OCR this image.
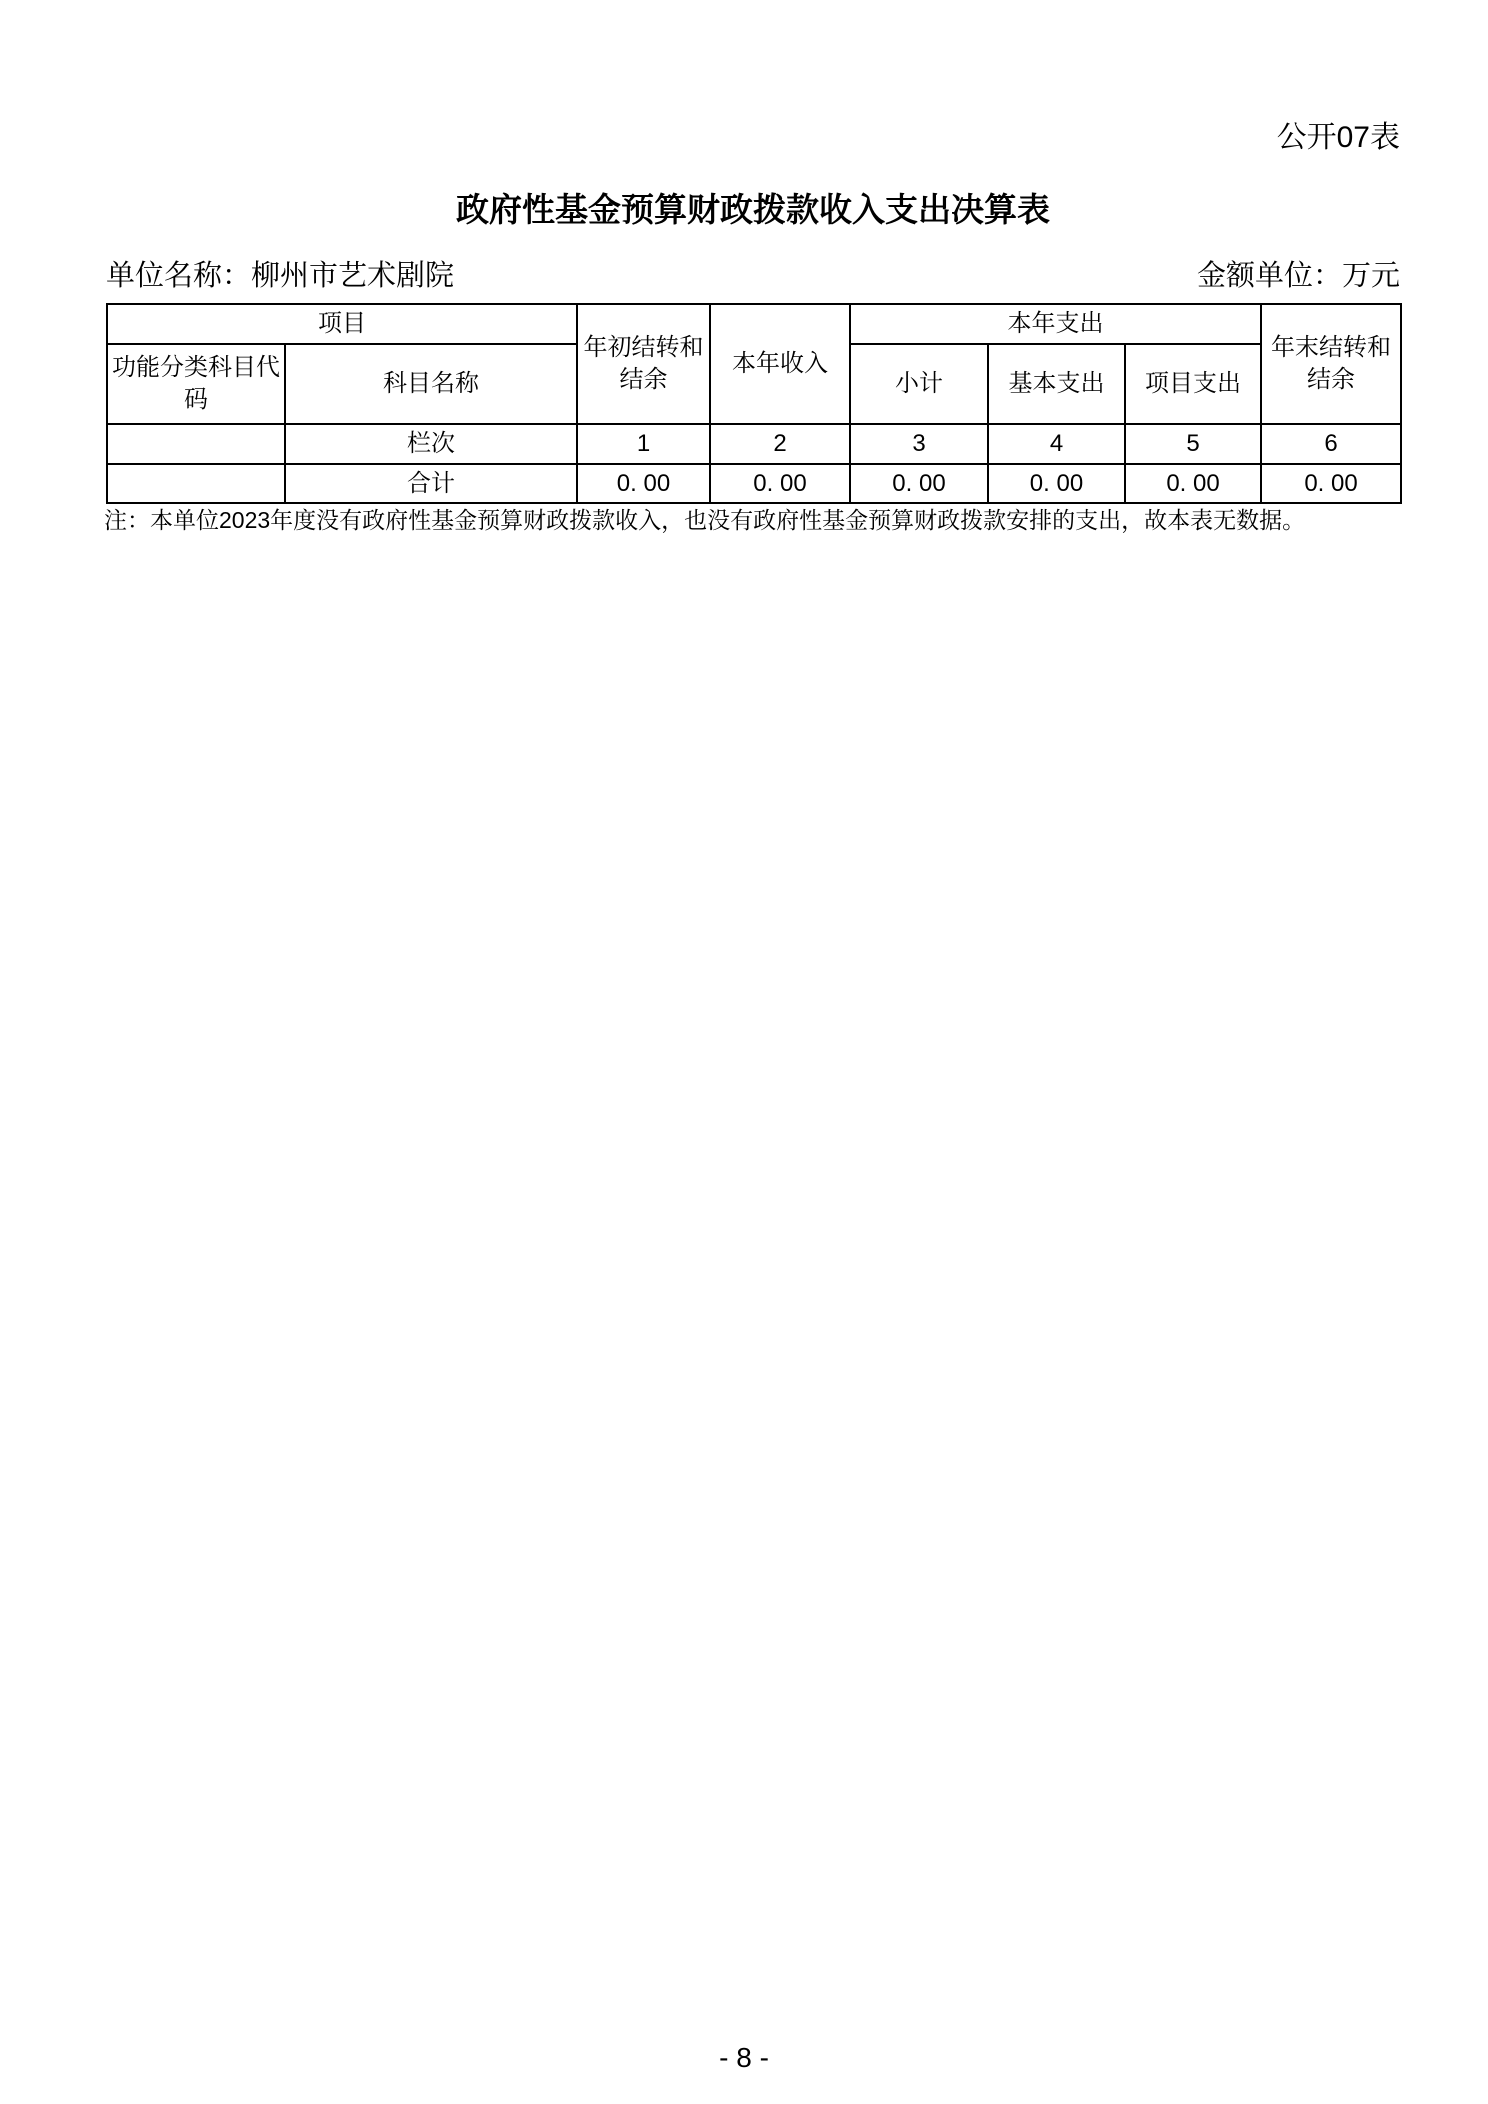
公开07表
政府性基金预算财政拨款收入支出决算表
单位名称：柳州市艺术剧院	金额单位：万元
项目		年初结转和结余	本年收入	本年支出			年末结转和结余
功能分类科目代码	科目名称			小计	基本支出	项目支出	
	栏次	1	2	3	4	5	6
	合计	0. 00	0. 00	0. 00	0. 00	0. 00	0. 00
注：本单位2023年度没有政府性基金预算财政拨款收入，也没有政府性基金预算财政拨款安排的支出，故本表无数据。
- 8 -
